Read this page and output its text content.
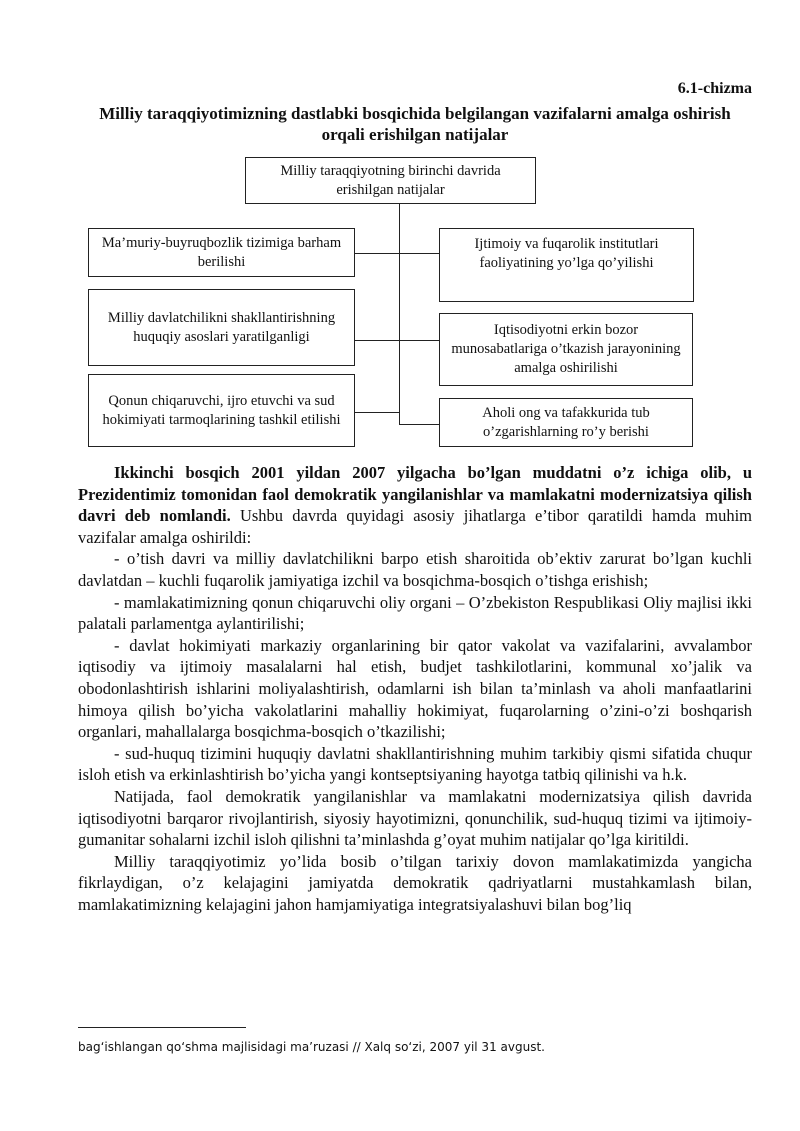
6.1-chizma
Milliy taraqqiyotimizning dastlabki bosqichida belgilangan vazifalarni amalga oshirish orqali erishilgan natijalar
Milliy taraqqiyotning birinchi davrida erishilgan natijalar
Ma’muriy-buyruqbozlik tizimiga barham berilishi
Milliy davlatchilikni shakllantirishning huquqiy asoslari yaratilganligi
Qonun chiqaruvchi, ijro etuvchi va sud hokimiyati tarmoqlarining tashkil etilishi
Ijtimoiy va fuqarolik institutlari faoliyatining yo’lga qo’yilishi
Iqtisodiyotni erkin bozor munosabatlariga o’tkazish jarayonining amalga oshirilishi
Aholi ong va tafakkurida tub o’zgarishlarning ro’y berishi

Ikkinchi bosqich 2001 yildan 2007 yilgacha bo’lgan muddatni o’z ichiga olib, u Prezidentimiz tomonidan faol demokratik yangilanishlar va mamlakatni modernizatsiya qilish davri deb nomlandi. Ushbu davrda quyidagi asosiy jihatlarga e’tibor qaratildi hamda muhim vazifalar amalga oshirildi:

- o’tish davri va milliy davlatchilikni barpo etish sharoitida ob’ektiv zarurat bo’lgan kuchli davlatdan – kuchli fuqarolik jamiyatiga izchil va bosqichma-bosqich o’tishga erishish;

- mamlakatimizning qonun chiqaruvchi oliy organi – O’zbekiston Respublikasi Oliy majlisi ikki palatali parlamentga aylantirilishi;

- davlat hokimiyati markaziy organlarining bir qator vakolat va vazifalarini, avvalambor iqtisodiy va ijtimoiy masalalarni hal etish, budjet tashkilotlarini, kommunal xo’jalik va obodonlashtirish ishlarini moliyalashtirish, odamlarni ish bilan ta’minlash va aholi manfaatlarini himoya qilish bo’yicha vakolatlarini mahalliy hokimiyat, fuqarolarning o’zini-o’zi boshqarish organlari, mahallalarga bosqichma-bosqich o’tkazilishi;

- sud-huquq tizimini huquqiy davlatni shakllantirishning muhim tarkibiy qismi sifatida chuqur isloh etish va erkinlashtirish bo’yicha yangi kontseptsiyaning hayotga tatbiq qilinishi va h.k.

Natijada, faol demokratik yangilanishlar va mamlakatni modernizatsiya qilish davrida iqtisodiyotni barqaror rivojlantirish, siyosiy hayotimizni, qonunchilik, sud-huquq tizimi va ijtimoiy-gumanitar sohalarni izchil isloh qilishni ta’minlashda g’oyat muhim natijalar qo’lga kiritildi.

Milliy taraqqiyotimiz yo’lida bosib o’tilgan tarixiy dovon mamlakatimizda yangicha fikrlaydigan, o’z kelajagini jamiyatda demokratik qadriyatlarni mustahkamlash bilan, mamlakatimizning kelajagini jahon hamjamiyatiga integratsiyalashuvi bilan bog’liq

bag‘ishlangan qo‘shma majlisidagi ma’ruzasi // Xalq so‘zi, 2007 yil 31 avgust.
